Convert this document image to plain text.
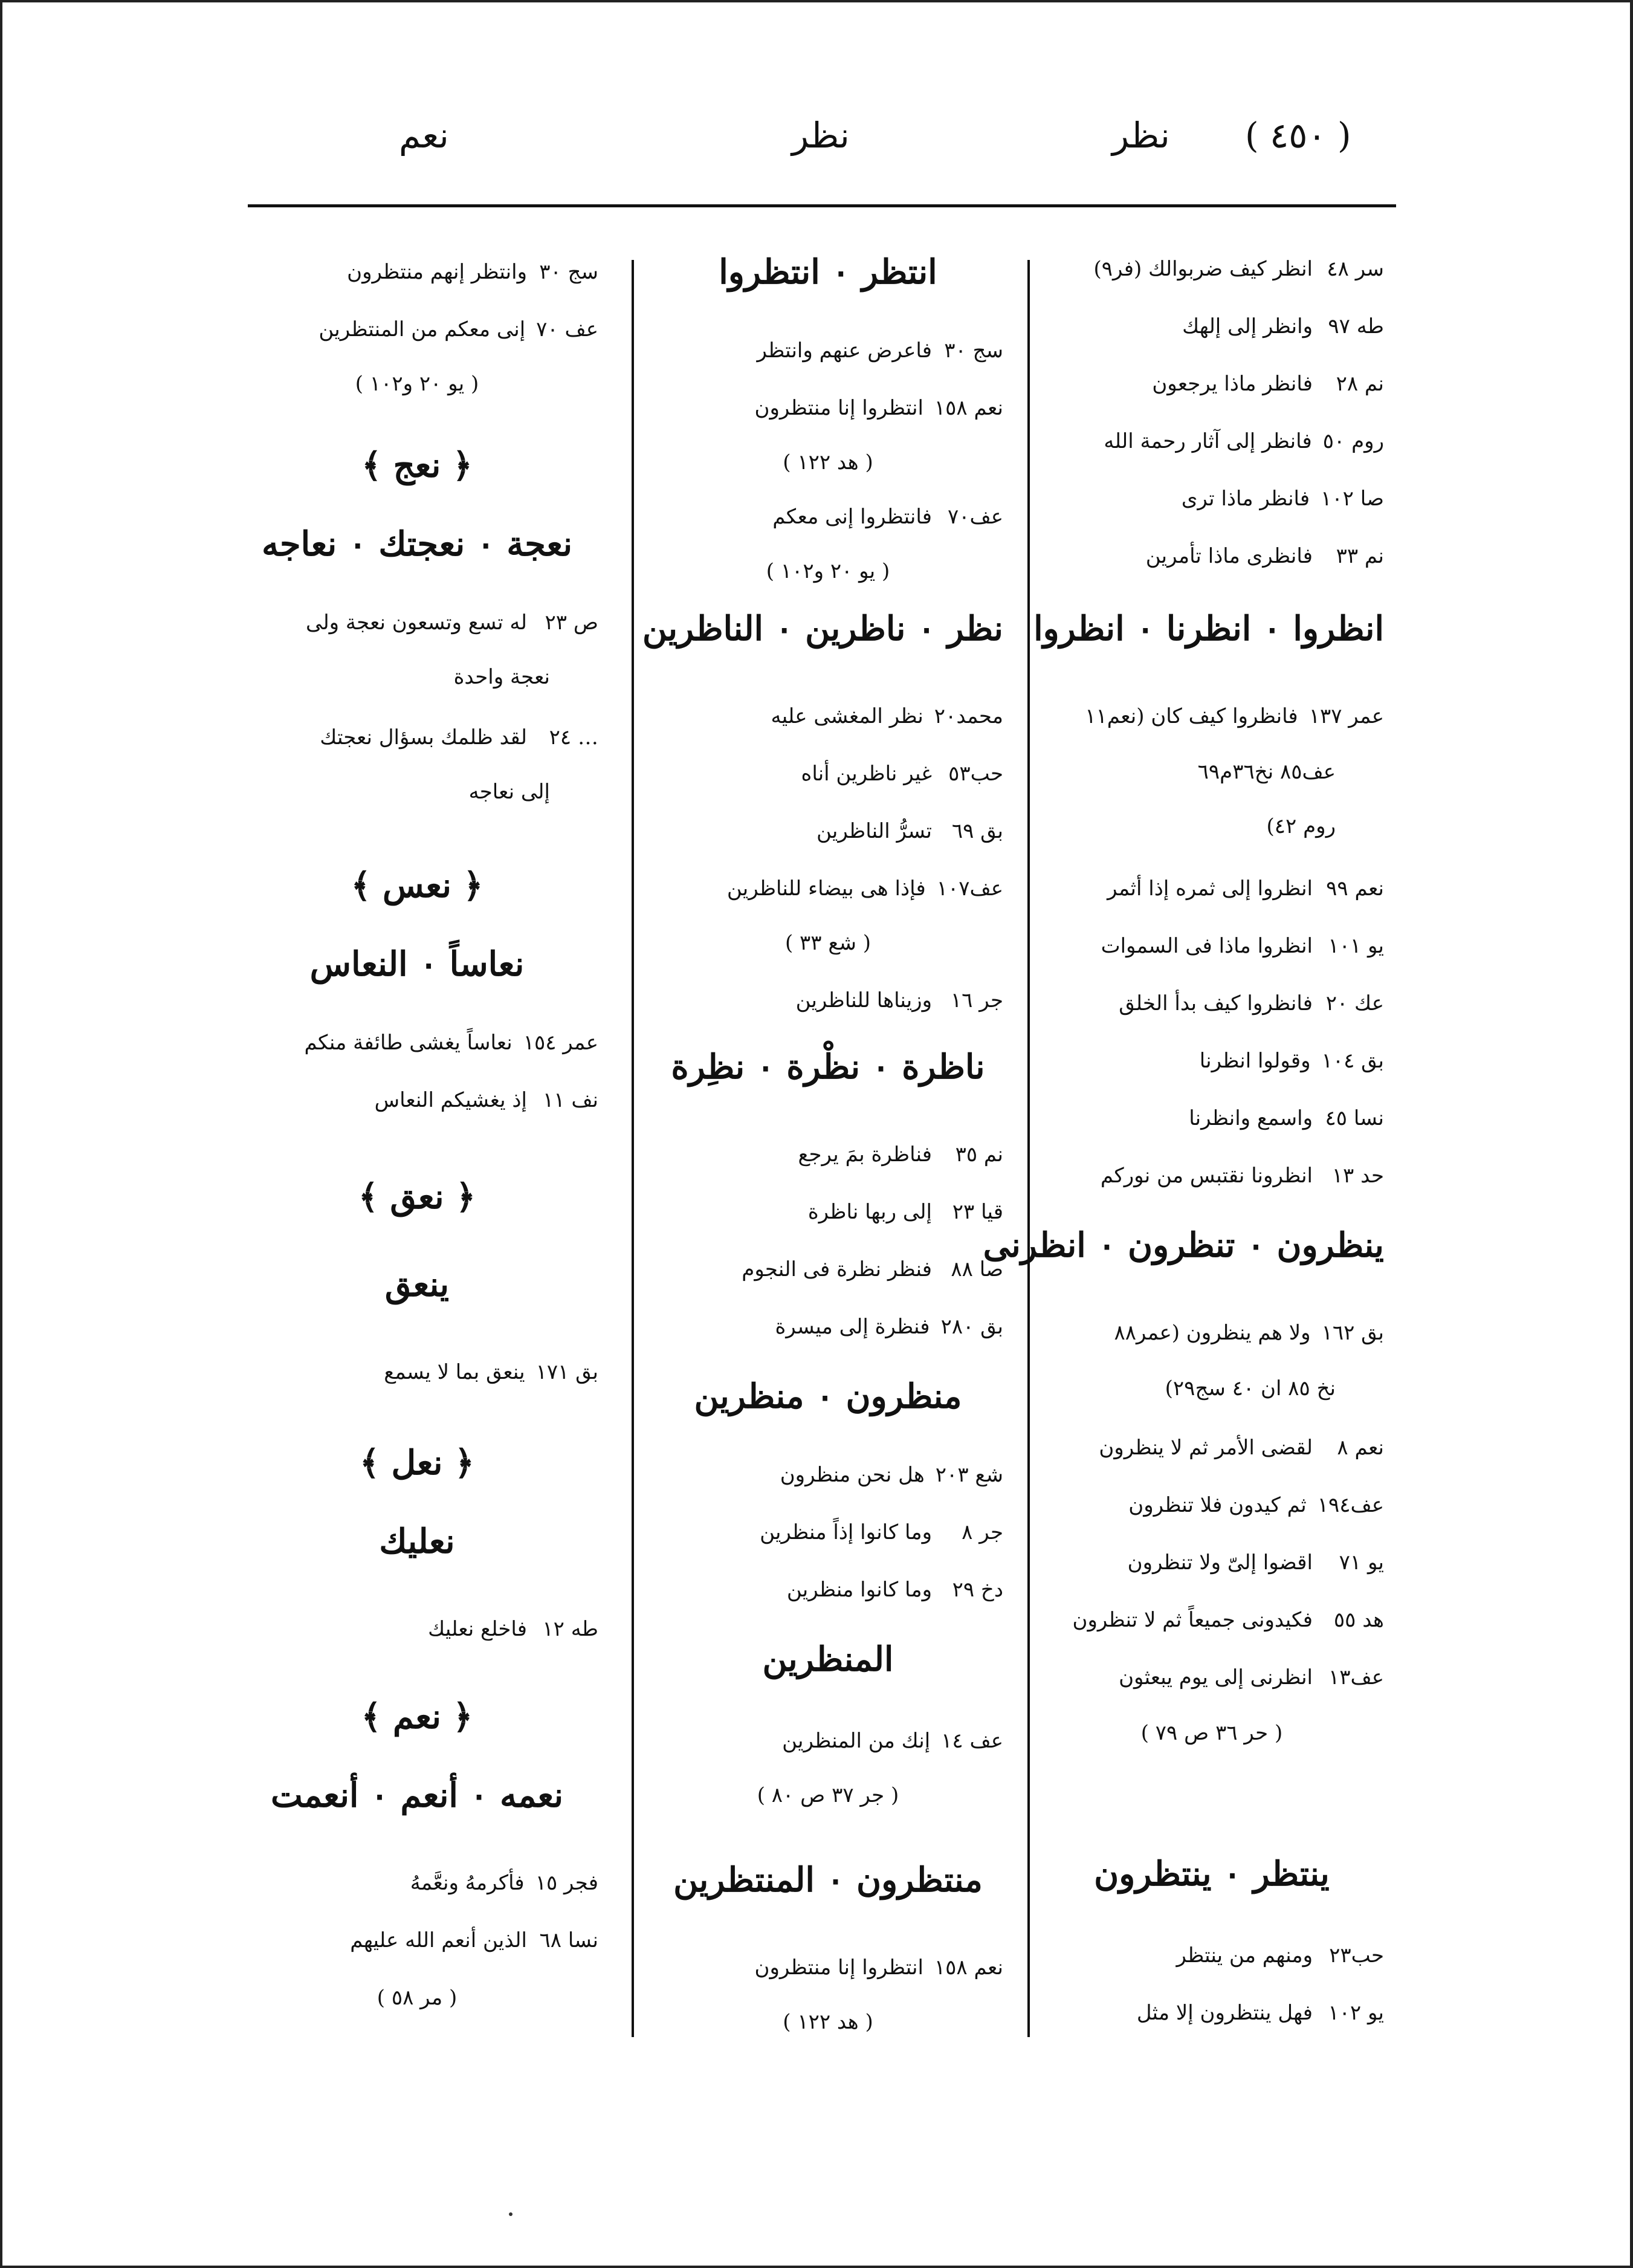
( ٤٥٠ )
نظر
نظر
نعم
سر ٤٨انظر كيف ضربوالك (فر٩)
طه ٩٧وانظر إلى إلهك
نم ٢٨فانظر ماذا يرجعون
روم ٥٠فانظر إلى آثار رحمة الله
صا ١٠٢فانظر ماذا ترى
نم ٣٣فانظرى ماذا تأمرين
انظروا ۰ انظرنا ۰ انظروا
عمر ١٣٧فانظروا كيف كان (نعم١١
عف٨٥ نخ٣٦م٦٩
روم ٤٢)
نعم ٩٩انظروا إلى ثمره إذا أثمر
يو ١٠١انظروا ماذا فى السموات
عك ٢٠فانظروا كيف بدأ الخلق
بق ١٠٤وقولوا انظرنا
نسا ٤٥واسمع وانظرنا
حد ١٣انظرونا نقتبس من نوركم
ينظرون ۰ تنظرون ۰ انظرنى
بق ١٦٢ولا هم ينظرون (عمر٨٨
نخ ٨٥ ان ٤٠ سج٢٩)
نعم ٨لقضى الأمر ثم لا ينظرون
عف١٩٤ثم كيدون فلا تنظرون
يو ٧١اقضوا إلىّ ولا تنظرون
هد ٥٥فكيدونى جميعاً ثم لا تنظرون
عف١٣انظرنى إلى يوم يبعثون
( حر ٣٦ ص ٧٩ )
ينتظر ۰ ينتظرون
حب٢٣ومنهم من ينتظر
يو ١٠٢فهل ينتظرون إلا مثل
انتظر ۰ انتظروا
سج ٣٠فاعرض عنهم وانتظر
نعم ١٥٨انتظروا إنا منتظرون
( هد ١٢٢ )
عف٧٠فانتظروا إنى معكم
( يو ٢٠ و١٠٢ )
نظر ۰ ناظرين ۰ الناظرين
محمد٢٠نظر المغشى عليه
حب٥٣غير ناظرين أناه
بق ٦٩تسرُّ الناظرين
عف١٠٧فإذا هى بيضاء للناظرين
( شع ٣٣ )
جر ١٦وزيناها للناظرين
ناظرة ۰ نظْرة ۰ نظِرة
نم ٣٥فناظرة بمَ يرجع
قيا ٢٣إلى ربها ناظرة
صا ٨٨فنظر نظرة فى النجوم
بق ٢٨٠فنظرة إلى ميسرة
منظرون ۰ منظرين
شع ٢٠٣هل نحن منظرون
جر ٨وما كانوا إذاً منظرين
دخ ٢٩وما كانوا منظرين
المنظرين
عف ١٤إنك من المنظرين
( جر ٣٧ ص ٨٠ )
منتظرون ۰ المنتظرين
نعم ١٥٨انتظروا إنا منتظرون
( هد ١٢٢ )
سج ٣٠وانتظر إنهم منتظرون
عف ٧٠إنى معكم من المنتظرين
( يو ٢٠ و١٠٢ )
﴿ نعج ﴾
نعجة ۰ نعجتك ۰ نعاجه
ص ٢٣له تسع وتسعون نعجة ولى
نعجة واحدة
… ٢٤لقد ظلمك بسؤال نعجتك
إلى نعاجه
﴿ نعس ﴾
نعاساً ۰ النعاس
عمر ١٥٤نعاساً يغشى طائفة منكم
نف ١١إذ يغشيكم النعاس
﴿ نعق ﴾
ينعق
بق ١٧١ينعق بما لا يسمع
﴿ نعل ﴾
نعليك
طه ١٢فاخلع نعليك
﴿ نعم ﴾
نعمه ۰ أنعم ۰ أنعمت
فجر ١٥فأكرمهُ ونعَّمهُ
نسا ٦٨الذين أنعم الله عليهم
( مر ٥٨ )
